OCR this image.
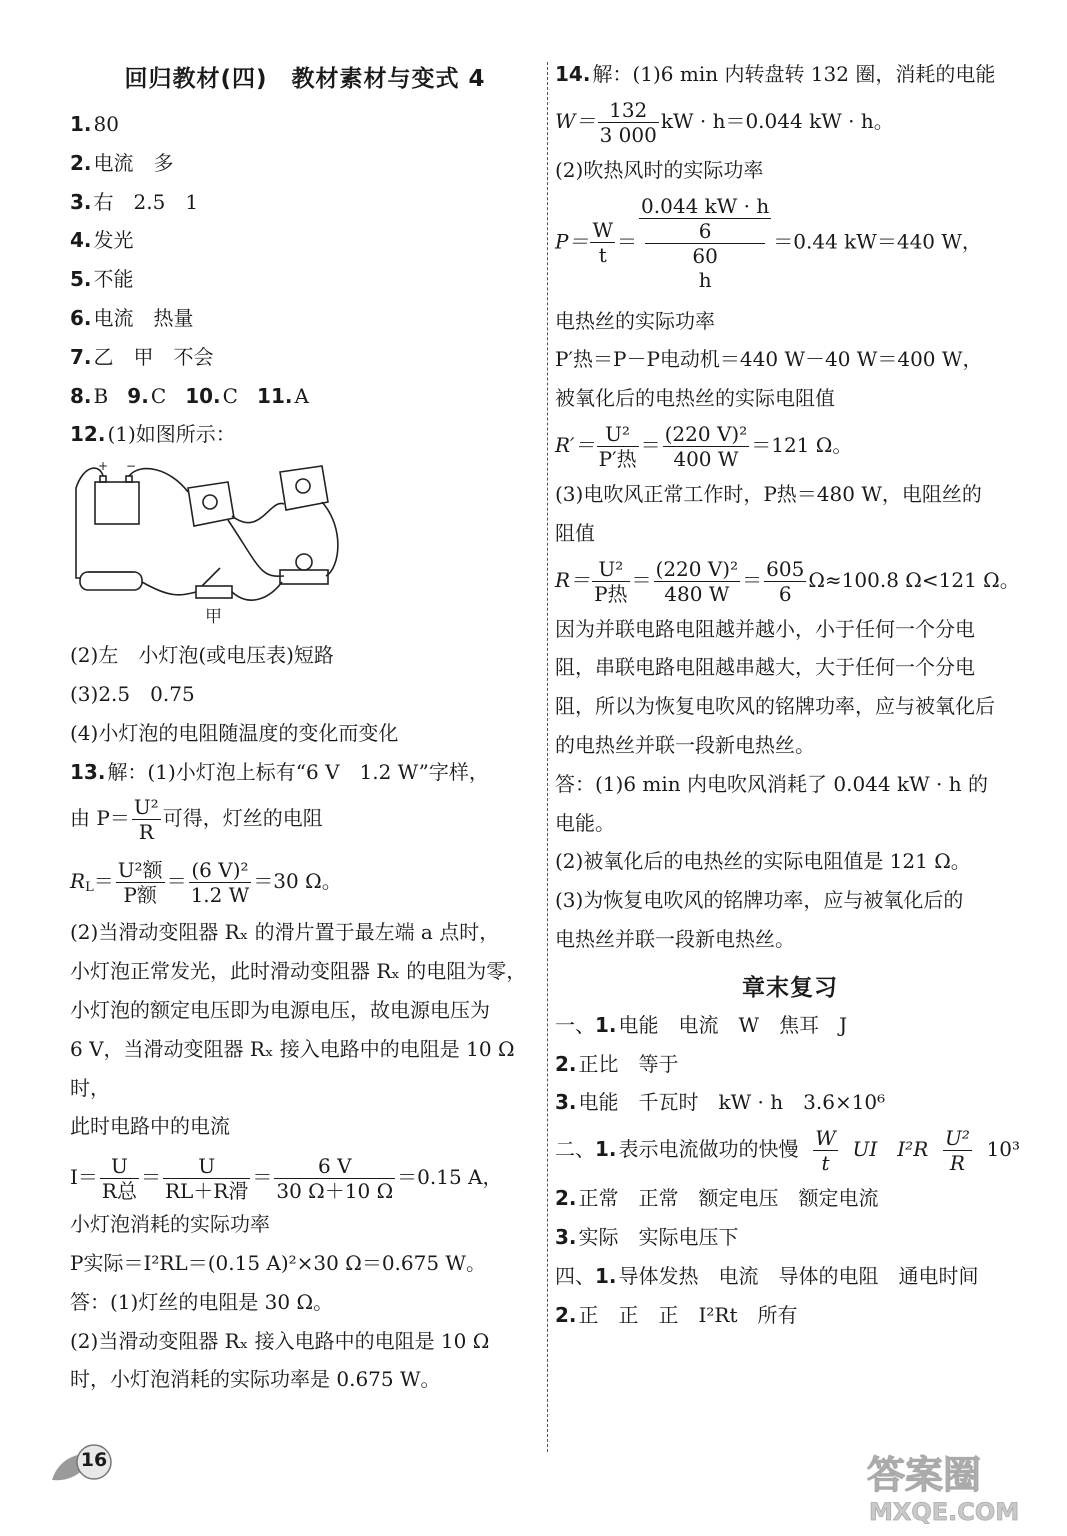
回归教材(四)　教材素材与变式 4
1. 80
2. 电流　多
3. 右　2.5　1
4. 发光
5. 不能
6. 电流　热量
7. 乙　甲　不会
8. B 9. C 10. C 11. A
12. (1)如图所示：
+ −
甲
(2)左　小灯泡(或电压表)短路
(3)2.5　0.75
(4)小灯泡的电阻随温度的变化而变化
13. 解：(1)小灯泡上标有“6 V　1.2 W”字样，
由 $P= \frac{\text{U²}}{R}$ 可得，灯丝的电阻
$R_L= \frac{\text{U²额}}{\text{P额}} = \frac{\text{(6 V)²}}{1.2 W} =30$ Ω。
(2)当滑动变阻器 Rₓ 的滑片置于最左端 a 点时，
小灯泡正常发光，此时滑动变阻器 Rₓ 的电阻为零，
小灯泡的额定电压即为电源电压，故电源电压为
6 V，当滑动变阻器 Rₓ 接入电路中的电阻是 10 Ω
时，
此时电路中的电流
$I= \frac{U}{\text{R总}} = \frac{U}{\text{RL＋R滑}} = \frac{6 V}{30 \Omega+10 \Omega} =0.15$ A，
小灯泡消耗的实际功率
P实际＝I²RL＝(0.15 A)²×30 Ω＝0.675 W。
答：(1)灯丝的电阻是 30 Ω。
(2)当滑动变阻器 Rₓ 接入电路中的电阻是 10 Ω
时，小灯泡消耗的实际功率是 0.675 W。
14. 解：(1)6 min 内转盘转 132 圈，消耗的电能
$W= \frac{132}{3 000}$ kW · h＝0.044 kW · h。
(2)吹热风时的实际功率
$P= \frac{W}{t} = 0.044$ kW · h
6
60
h ＝0.44 kW＝440 W，
电热丝的实际功率
P′热＝P－P电动机＝440 W－40 W＝400 W，
被氧化后的电热丝的实际电阻值
$R'= \frac{\text{U²}}{\text{P′热}} = \frac{\text{(220 V)²}}{400 W} =121$ Ω。
(3)电吹风正常工作时，P热＝480 W，电阻丝的
阻值
$R= \frac{\text{U²}}{\text{P热}} = \frac{\text{(220 V)²}}{480 W} = \frac{605}{6} \Omega\approx 100.8$ Ω<121 Ω。
因为并联电路电阻越并越小，小于任何一个分电
阻，串联电路电阻越串越大，大于任何一个分电
阻，所以为恢复电吹风的铭牌功率，应与被氧化后
的电热丝并联一段新电热丝。
答：(1)6 min 内电吹风消耗了 0.044 kW · h 的
电能。
(2)被氧化后的电热丝的实际电阻值是 121 Ω。
(3)为恢复电吹风的铭牌功率，应与被氧化后的
电热丝并联一段新电热丝。
章末复习
一、1. 电能　电流　W　焦耳　J
2. 正比　等于
3. 电能　千瓦时　kW · h　3.6×10⁶
二、1. 表示电流做功的快慢 $\frac{W}{t}$ UI　$I^2R \frac{\text{U²}}{R} 10^3$
2. 正常　正常　额定电压　额定电流
3. 实际　实际电压下
四、1. 导体发热　电流　导体的电阻　通电时间
2. 正　正　正　I²Rt　所有
16	答案圈
MXQE.COM
